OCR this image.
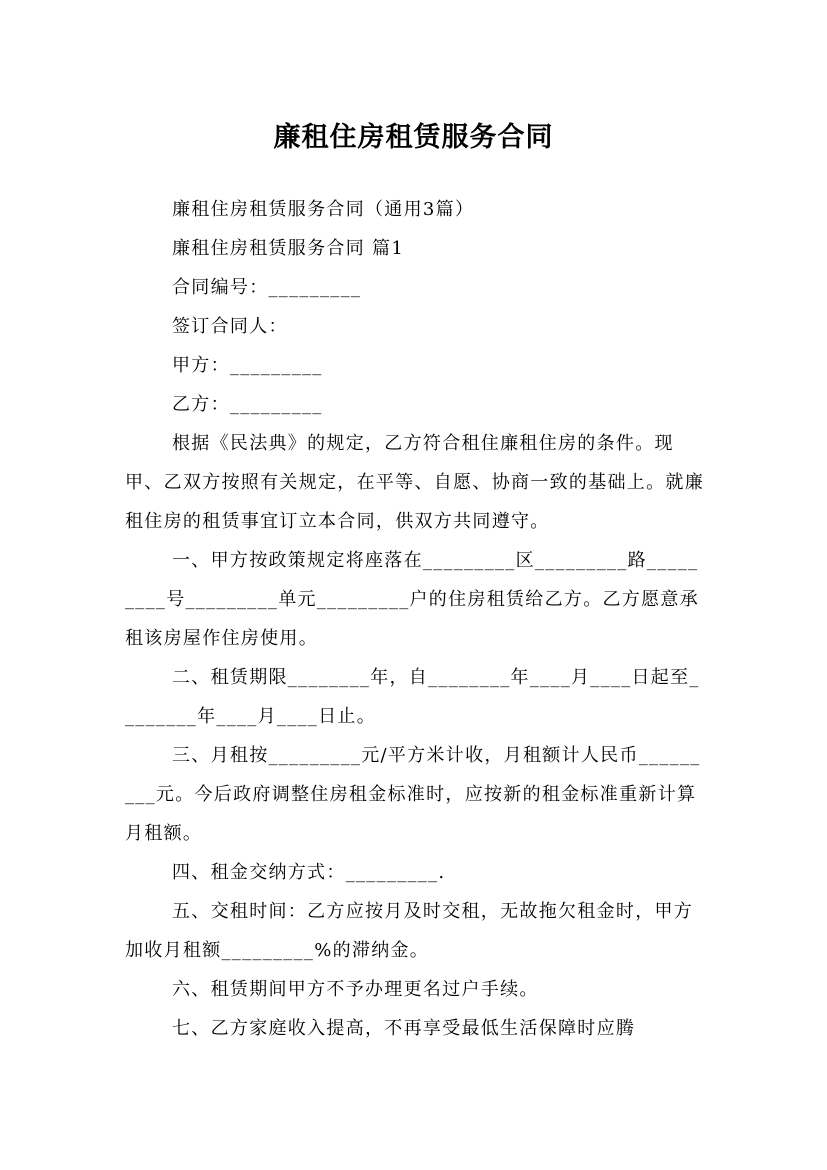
廉租住房租赁服务合同

廉租住房租赁服务合同（通用3篇）

廉租住房租赁服务合同 篇1

合同编号：_________

签订合同人：

甲方：_________

乙方：_________

根据《民法典》的规定，乙方符合租住廉租住房的条件。现甲、乙双方按照有关规定，在平等、自愿、协商一致的基础上。就廉租住房的租赁事宜订立本合同，供双方共同遵守。

一、甲方按政策规定将座落在_________区_________路_________号_________单元_________户的住房租赁给乙方。乙方愿意承租该房屋作住房使用。

二、租赁期限________年，自________年____月____日起至________年____月____日止。

三、月租按_________元/平方米计收，月租额计人民币_________元。今后政府调整住房租金标准时，应按新的租金标准重新计算月租额。

四、租金交纳方式：_________.

五、交租时间：乙方应按月及时交租，无故拖欠租金时，甲方加收月租额_________%的滞纳金。

六、租赁期间甲方不予办理更名过户手续。

七、乙方家庭收入提高，不再享受最低生活保障时应腾
